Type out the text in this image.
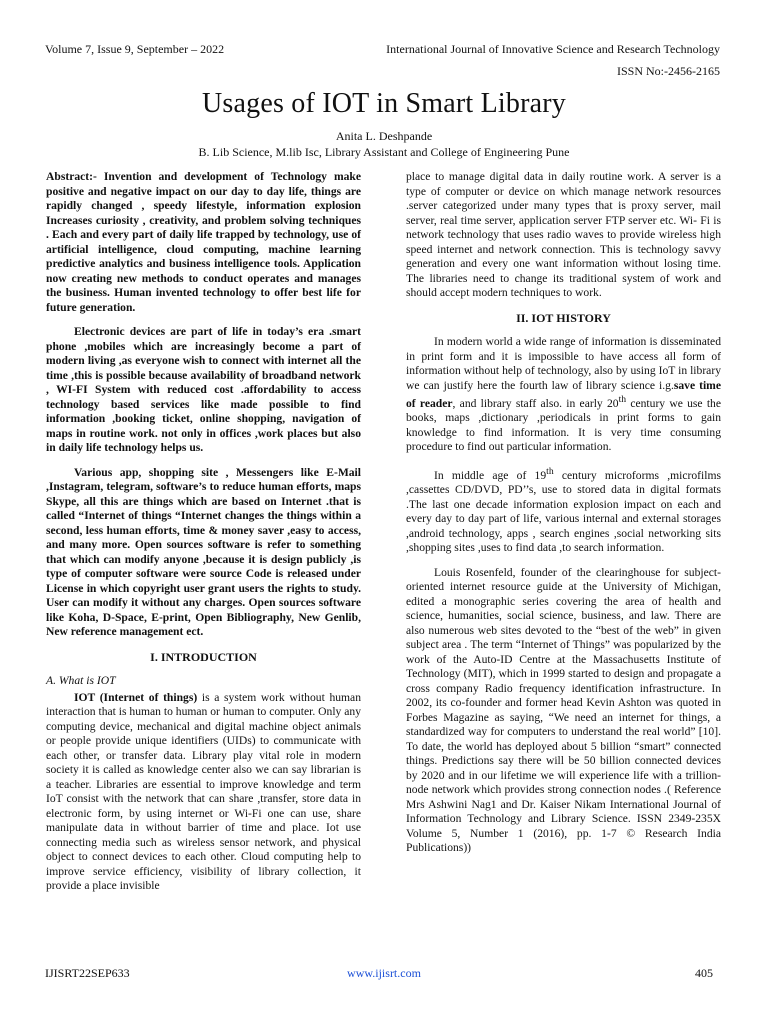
Volume 7, Issue 9, September – 2022	International Journal of Innovative Science and Research Technology
ISSN No:-2456-2165
Usages of IOT in Smart Library
Anita L. Deshpande
B. Lib Science, M.lib Isc, Library Assistant and College of Engineering Pune

Abstract:- Invention and development of Technology make positive and negative impact on our day to day life, things are rapidly changed , speedy lifestyle, information explosion Increases curiosity , creativity, and problem solving techniques . Each and every part of daily life trapped by technology, use of artificial intelligence, cloud computing, machine learning predictive analytics and business intelligence tools. Application now creating new methods to conduct operates and manages the business. Human invented technology to offer best life for future generation.

Electronic devices are part of life in today’s era .smart phone ,mobiles which are increasingly become a part of modern living ,as everyone wish to connect with internet all the time ,this is possible because availability of broadband network , WI-FI System with reduced cost .affordability to access technology based services like made possible to find information ,booking ticket, online shopping, navigation of maps in routine work. not only in offices ,work places but also in daily life technology helps us.

Various app, shopping site , Messengers like E-Mail ,Instagram, telegram, software’s to reduce human efforts, maps Skype, all this are things which are based on Internet .that is called “Internet of things “Internet changes the things within a second, less human efforts, time & money saver ,easy to access, and many more. Open sources software is refer to something that which can modify anyone ,because it is design publicly ,is type of computer software were source Code is released under License in which copyright user grant users the rights to study. User can modify it without any charges. Open sources software like Koha, D-Space, E-print, Open Bibliography, New Genlib, New reference management ect.

I. INTRODUCTION

A. What is IOT

IOT (Internet of things) is a system work without human interaction that is human to human or human to computer. Only any computing device, mechanical and digital machine object animals or people provide unique identifiers (UIDs) to communicate with each other, or transfer data. Library play vital role in modern society it is called as knowledge center also we can say librarian is a teacher. Libraries are essential to improve knowledge and term IoT consist with the network that can share ,transfer, store data in electronic form, by using internet or Wi-Fi one can use, share manipulate data in without barrier of time and place. Iot use connecting media such as wireless sensor network, and physical object to connect devices to each other. Cloud computing help to improve service efficiency, visibility of library collection, it provide a place invisible

place to manage digital data in daily routine work. A server is a type of computer or device on which manage network resources .server categorized under many types that is proxy server, mail server, real time server, application server FTP server etc. Wi- Fi is network technology that uses radio waves to provide wireless high speed internet and network connection. This is technology savvy generation and every one want information without losing time. The libraries need to change its traditional system of work and should accept modern techniques to work.

II. IOT HISTORY

In modern world a wide range of information is disseminated in print form and it is impossible to have access all form of information without help of technology, also by using IoT in library we can justify here the fourth law of library science i.g.save time of reader, and library staff also. in early 20th century we use the books, maps ,dictionary ,periodicals in print forms to gain knowledge to find information. It is very time consuming procedure to find out particular information.

In middle age of 19th century microforms ,microfilms ,cassettes CD/DVD, PD’’s, use to stored data in digital formats .The last one decade information explosion impact on each and every day to day part of life, various internal and external storages ,android technology, apps , search engines ,social networking sits ,shopping sites ,uses to find data ,to search information.

Louis Rosenfeld, founder of the clearinghouse for subject-oriented internet resource guide at the University of Michigan, edited a monographic series covering the area of health and science, humanities, social science, business, and law. There are also numerous web sites devoted to the “best of the web” in given subject area . The term “Internet of Things” was popularized by the work of the Auto-ID Centre at the Massachusetts Institute of Technology (MIT), which in 1999 started to design and propagate a cross company Radio frequency identification infrastructure. In 2002, its co-founder and former head Kevin Ashton was quoted in Forbes Magazine as saying, “We need an internet for things, a standardized way for computers to understand the real world” [10]. To date, the world has deployed about 5 billion “smart” connected things. Predictions say there will be 50 billion connected devices by 2020 and in our lifetime we will experience life with a trillion-node network which provides strong connection nodes .( Reference Mrs Ashwini Nag1 and Dr. Kaiser Nikam International Journal of Information Technology and Library Science. ISSN 2349-235X Volume 5, Number 1 (2016), pp. 1-7 © Research India Publications))

IJISRT22SEP633	www.ijisrt.com	405
